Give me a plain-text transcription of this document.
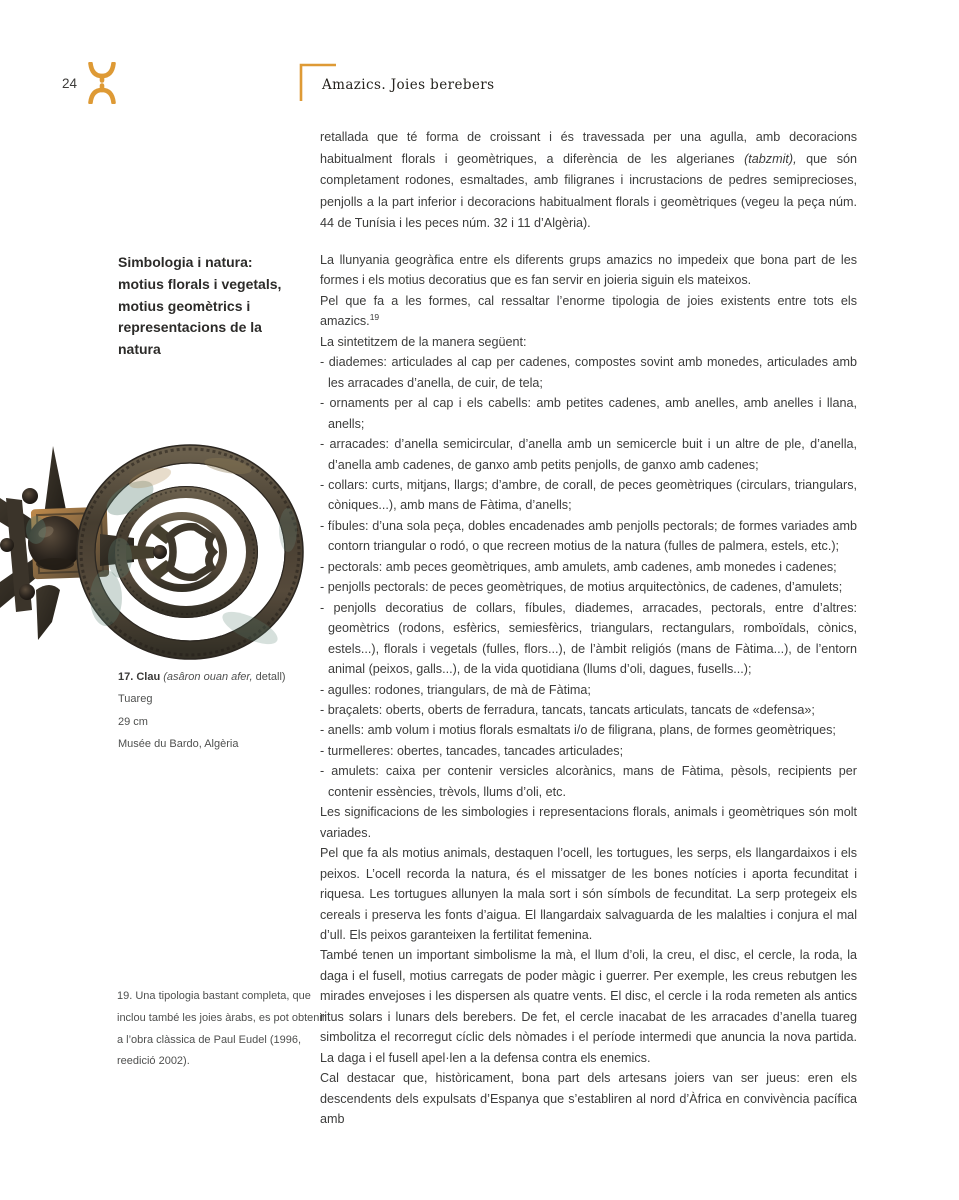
24	Amazics. Joies berebers
retallada que té forma de croissant i és travessada per una agulla, amb decoracions habitualment florals i geomètriques, a diferència de les algerianes (tabzmit), que són completament rodones, esmaltades, amb filigranes i incrustacions de pedres semiprecioses, penjolls a la part inferior i decoracions habitualment florals i geomètriques (vegeu la peça núm. 44 de Tunísia i les peces núm. 32 i 11 d’Algèria).
Simbologia i natura: motius florals i vegetals, motius geomètrics i representacions de la natura
17. Clau (asâron ouan afer, detall)
Tuareg
29 cm
Musée du Bardo, Algèria
La llunyania geogràfica entre els diferents grups amazics no impedeix que bona part de les formes i els motius decoratius que es fan servir en joieria siguin els mateixos.
Pel que fa a les formes, cal ressaltar l’enorme tipologia de joies existents entre tots els amazics.$^{19}$
La sintetitzem de la manera següent:
- diademes: articulades al cap per cadenes, compostes sovint amb monedes, articulades amb les arracades d’anella, de cuir, de tela;
- ornaments per al cap i els cabells: amb petites cadenes, amb anelles, amb anelles i llana, anells;
- arracades: d’anella semicircular, d’anella amb un semicercle buit i un altre de ple, d’anella, d’anella amb cadenes, de ganxo amb petits penjolls, de ganxo amb cadenes;
- collars: curts, mitjans, llargs; d’ambre, de corall, de peces geomètriques (circulars, triangulars, còniques...), amb mans de Fàtima, d’anells;
- fíbules: d’una sola peça, dobles encadenades amb penjolls pectorals; de formes variades amb contorn triangular o rodó, o que recreen motius de la natura (fulles de palmera, estels, etc.);
- pectorals: amb peces geomètriques, amb amulets, amb cadenes, amb monedes i cadenes;
- penjolls pectorals: de peces geomètriques, de motius arquitectònics, de cadenes, d’amulets;
- penjolls decoratius de collars, fíbules, diademes, arracades, pectorals, entre d’altres: geomètrics (rodons, esfèrics, semiesfèrics, triangulars, rectangulars, romboïdals, cònics, estels...), florals i vegetals (fulles, flors...), de l’àmbit religiós (mans de Fàtima...), de l’entorn animal (peixos, galls...), de la vida quotidiana (llums d’oli, dagues, fusells...);
- agulles: rodones, triangulars, de mà de Fàtima;
- braçalets: oberts, oberts de ferradura, tancats, tancats articulats, tancats de «defensa»;
- anells: amb volum i motius florals esmaltats i/o de filigrana, plans, de formes geomètriques;
- turmelleres: obertes, tancades, tancades articulades;
- amulets: caixa per contenir versicles alcorànics, mans de Fàtima, pèsols, recipients per contenir essències, trèvols, llums d’oli, etc.
Les significacions de les simbologies i representacions florals, animals i geomètriques són molt variades.
Pel que fa als motius animals, destaquen l’ocell, les tortugues, les serps, els llangardaixos i els peixos. L’ocell recorda la natura, és el missatger de les bones notícies i aporta fecunditat i riquesa. Les tortugues allunyen la mala sort i són símbols de fecunditat. La serp protegeix els cereals i preserva les fonts d’aigua. El llangardaix salvaguarda de les malalties i conjura el mal d’ull. Els peixos garanteixen la fertilitat femenina.
També tenen un important simbolisme la mà, el llum d’oli, la creu, el disc, el cercle, la roda, la daga i el fusell, motius carregats de poder màgic i guerrer. Per exemple, les creus rebutgen les mirades envejoses i les dispersen als quatre vents. El disc, el cercle i la roda remeten als antics ritus solars i lunars dels berebers. De fet, el cercle inacabat de les arracades d’anella tuareg simbolitza el recorregut cíclic dels nòmades i el període intermedi que anuncia la nova partida. La daga i el fusell apel·len a la defensa contra els enemics.
Cal destacar que, històricament, bona part dels artesans joiers van ser jueus: eren els descendents dels expulsats d’Espanya que s’establiren al nord d’Àfrica en convivència pacífica amb
19. Una tipologia bastant completa, que inclou també les joies àrabs, es pot obtenir a l’obra clàssica de Paul Eudel (1996, reedició 2002).
